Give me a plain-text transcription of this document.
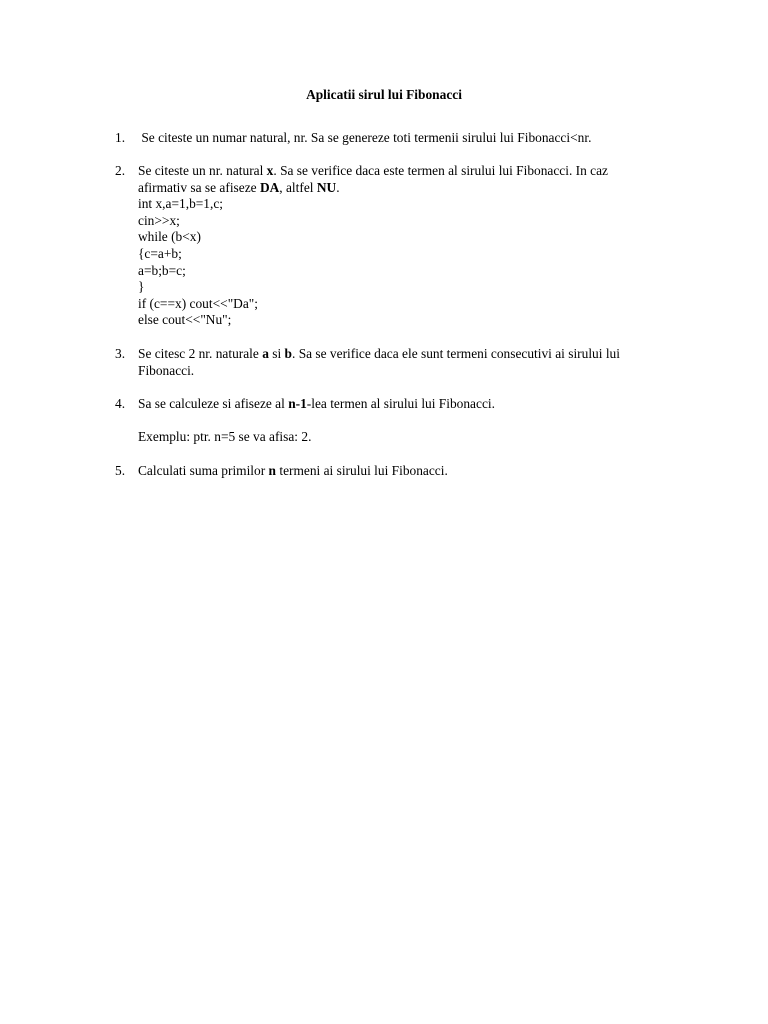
Aplicatii sirul lui Fibonacci
1. Se citeste un numar natural, nr. Sa se genereze toti termenii sirului lui Fibonacci<nr.

2. Se citeste un nr. natural x. Sa se verifice daca este termen al sirului lui Fibonacci. In caz

afirmativ sa se afiseze DA, altfel NU.

int x,a=1,b=1,c;
cin>>x;
while (b<x)
{c=a+b;
a=b;b=c;
}
if (c==x) cout<<"Da";
else cout<<"Nu";
3. Se citesc 2 nr. naturale a si b. Sa se verifice daca ele sunt termeni consecutivi ai sirului lui

Fibonacci.

4. Sa se calculeze si afiseze al n-1-lea termen al sirului lui Fibonacci.

Exemplu: ptr. n=5 se va afisa: 2.

5. Calculati suma primilor n termeni ai sirului lui Fibonacci.
